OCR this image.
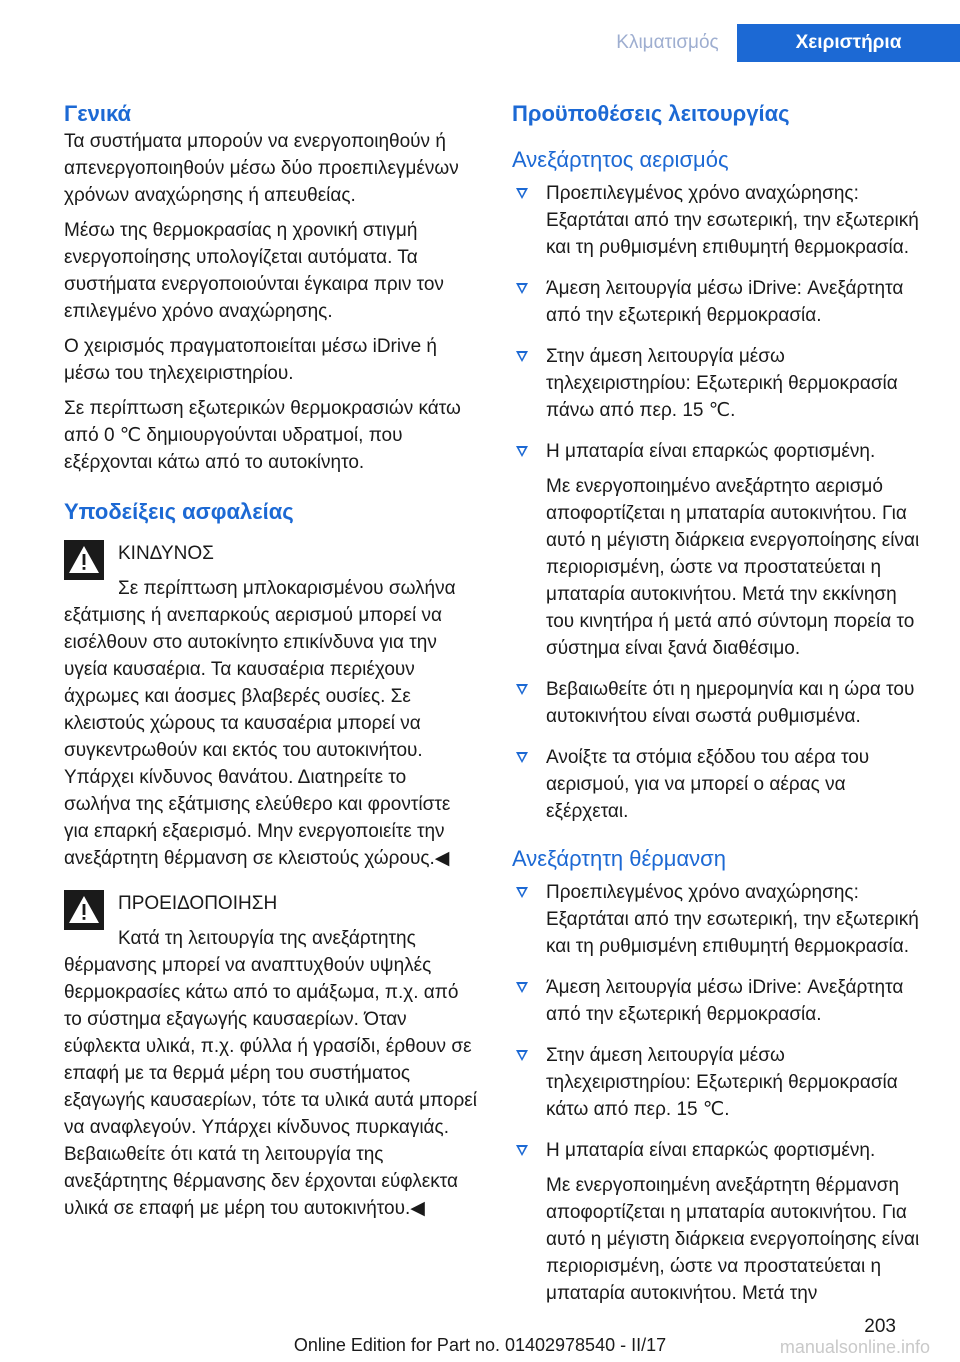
Κλιματισμός	Χειριστήρια
Γενικά

Τα συστήματα μπορούν να ενεργοποιηθούν ή απενεργοποιηθούν μέσω δύο προεπιλεγμένων χρόνων αναχώρησης ή απευθείας.

Μέσω της θερμοκρασίας η χρονική στιγμή ενεργοποίησης υπολογίζεται αυτόματα. Τα συστήματα ενεργοποιούνται έγκαιρα πριν τον επιλεγμένο χρόνο αναχώρησης.

Ο χειρισμός πραγματοποιείται μέσω iDrive ή μέσω του τηλεχειριστηρίου.

Σε περίπτωση εξωτερικών θερμοκρασιών κάτω από 0 ℃ δημιουργούνται υδρατμοί, που εξέρχονται κάτω από το αυτοκίνητο.

Υποδείξεις ασφαλείας

ΚΙΝΔΥΝΟΣ

Σε περίπτωση μπλοκαρισμένου σωλήνα

εξάτμισης ή ανεπαρκούς αερισμού μπορεί να εισέλθουν στο αυτοκίνητο επικίνδυνα για την υγεία καυσαέρια. Τα καυσαέρια περιέχουν άχρωμες και άοσμες βλαβερές ουσίες. Σε κλειστούς χώρους τα καυσαέρια μπορεί να συγκεντρωθούν και εκτός του αυτοκινήτου. Υπάρχει κίνδυνος θανάτου. Διατηρείτε το σωλήνα της εξάτμισης ελεύθερο και φροντίστε για επαρκή εξαερισμό. Μην ενεργοποιείτε την ανεξάρτητη θέρμανση σε κλειστούς χώρους.◀

ΠΡΟΕΙΔΟΠΟΙΗΣΗ

Κατά τη λειτουργία της ανεξάρτητης

θέρμανσης μπορεί να αναπτυχθούν υψηλές θερμοκρασίες κάτω από το αμάξωμα, π.χ. από το σύστημα εξαγωγής καυσαερίων. Όταν εύφλεκτα υλικά, π.χ. φύλλα ή γρασίδι, έρθουν σε επαφή με τα θερμά μέρη του συστήματος εξαγωγής καυσαερίων, τότε τα υλικά αυτά μπορεί να αναφλεγούν. Υπάρχει κίνδυνος πυρκαγιάς. Βεβαιωθείτε ότι κατά τη λειτουργία της ανεξάρτητης θέρμανσης δεν έρχονται εύφλεκτα υλικά σε επαφή με μέρη του αυτοκινήτου.◀

Προϋποθέσεις λειτουργίας
Ανεξάρτητος αερισμός
Προεπιλεγμένος χρόνο αναχώρησης: Εξαρτάται από την εσωτερική, την εξωτερική και τη ρυθμισμένη επιθυμητή θερμοκρασία.
Άμεση λειτουργία μέσω iDrive: Ανεξάρτητα από την εξωτερική θερμοκρασία.
Στην άμεση λειτουργία μέσω τηλεχειριστηρίου: Εξωτερική θερμοκρασία πάνω από περ. 15 ℃.
Η μπαταρία είναι επαρκώς φορτισμένη.
Με ενεργοποιημένο ανεξάρτητο αερισμό αποφορτίζεται η μπαταρία αυτοκινήτου. Για αυτό η μέγιστη διάρκεια ενεργοποίησης είναι περιορισμένη, ώστε να προστατεύεται η μπαταρία αυτοκινήτου. Μετά την εκκίνηση του κινητήρα ή μετά από σύντομη πορεία το σύστημα είναι ξανά διαθέσιμο.
Βεβαιωθείτε ότι η ημερομηνία και η ώρα του αυτοκινήτου είναι σωστά ρυθμισμένα.
Ανοίξτε τα στόμια εξόδου του αέρα του αερισμού, για να μπορεί ο αέρας να εξέρχεται.
Ανεξάρτητη θέρμανση
Προεπιλεγμένος χρόνο αναχώρησης: Εξαρτάται από την εσωτερική, την εξωτερική και τη ρυθμισμένη επιθυμητή θερμοκρασία.
Άμεση λειτουργία μέσω iDrive: Ανεξάρτητα από την εξωτερική θερμοκρασία.
Στην άμεση λειτουργία μέσω τηλεχειριστηρίου: Εξωτερική θερμοκρασία κάτω από περ. 15 ℃.
Η μπαταρία είναι επαρκώς φορτισμένη.
Με ενεργοποιημένη ανεξάρτητη θέρμανση αποφορτίζεται η μπαταρία αυτοκινήτου. Για αυτό η μέγιστη διάρκεια ενεργοποίησης είναι περιορισμένη, ώστε να προστατεύεται η μπαταρία αυτοκινήτου. Μετά την
203
Online Edition for Part no. 01402978540 - II/17	manualsonline.info
